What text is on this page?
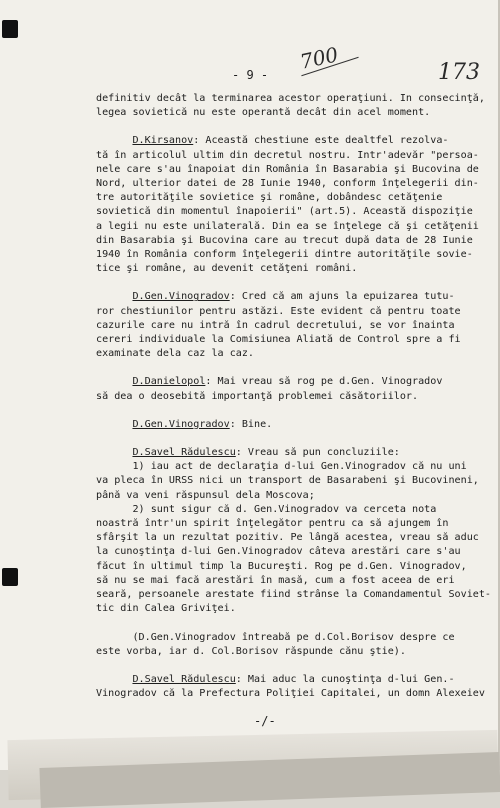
700	173
- 9 -
definitiv decât la terminarea acestor operaţiuni. In consecinţă,
legea sovietică nu este operantă decât din acel moment.
D.Kirsanov: Această chestiune este dealtfel rezolva-
tă în articolul ultim din decretul nostru. Intr'adevăr "persoa-
nele care s'au înapoiat din România în Basarabia şi Bucovina de
Nord, ulterior datei de 28 Iunie 1940, conform înţelegerii din-
tre autorităţile sovietice şi române, dobândesc cetăţenie
sovietică din momentul înapoierii" (art.5). Această dispoziţie
a legii nu este unilaterală. Din ea se înţelege că şi cetăţenii
din Basarabia şi Bucovina care au trecut după data de 28 Iunie
1940 în România conform înţelegerii dintre autorităţile sovie-
tice şi române, au devenit cetăţeni români.
D.Gen.Vinogradov: Cred că am ajuns la epuizarea tutu-
ror chestiunilor pentru astăzi. Este evident că pentru toate
cazurile care nu intră în cadrul decretului, se vor înainta
cereri individuale la Comisiunea Aliată de Control spre a fi
examinate dela caz la caz.
D.Danielopol: Mai vreau să rog pe d.Gen. Vinogradov
să dea o deosebită importanţă problemei căsătoriilor.
D.Gen.Vinogradov: Bine.
D.Savel Rădulescu: Vreau să pun concluziile:
1) iau act de declaraţia d-lui Gen.Vinogradov că nu uni
va pleca în URSS nici un transport de Basarabeni şi Bucovineni,
până va veni răspunsul dela Moscova;
2) sunt sigur că d. Gen.Vinogradov va cerceta nota
noastră într'un spirit înţelegător pentru ca să ajungem în
sfârşit la un rezultat pozitiv. Pe lângă acestea, vreau să aduc
la cunoştinţa d-lui Gen.Vinogradov câteva arestări care s'au
făcut în ultimul timp la Bucureşti. Rog pe d.Gen. Vinogradov,
să nu se mai facă arestări în masă, cum a fost aceea de eri
seară, persoanele arestate fiind strânse la Comandamentul Soviet-
tic din Calea Griviţei.
(D.Gen.Vinogradov întreabă pe d.Col.Borisov despre ce
este vorba, iar d. Col.Borisov răspunde cănu ştie).
D.Savel Rădulescu: Mai aduc la cunoştinţa d-lui Gen.-
Vinogradov că la Prefectura Poliţiei Capitalei, un domn Alexeiev
-/-
